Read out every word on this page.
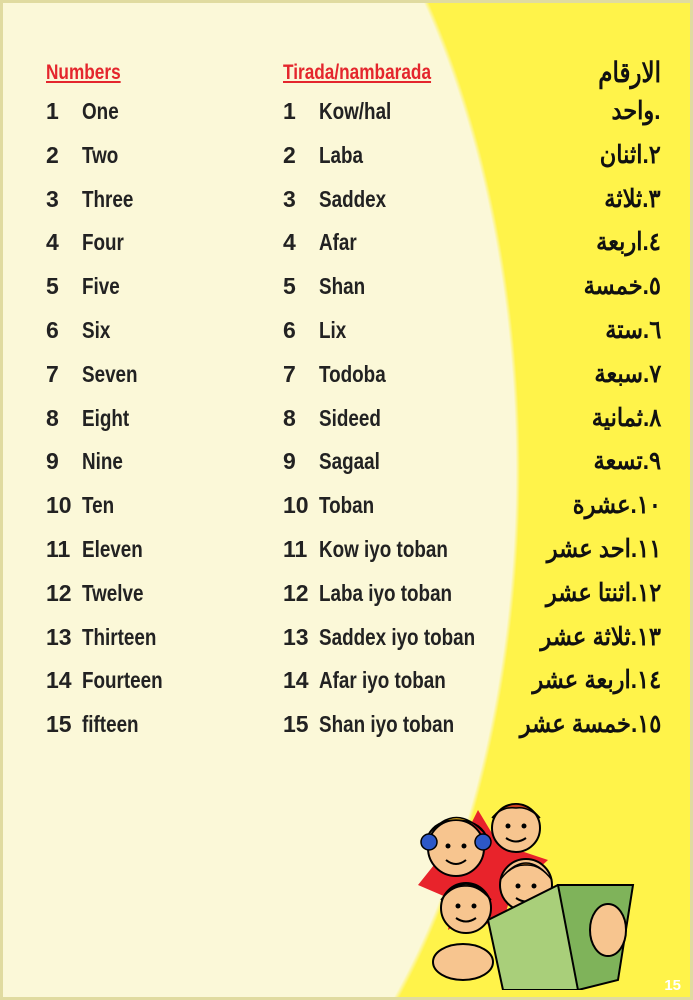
Numbers
1 One
2 Two
3 Three
4 Four
5 Five
6 Six
7 Seven
8 Eight
9 Nine
10 Ten
11 Eleven
12 Twelve
13 Thirteen
14 Fourteen
15 fifteen
Tirada/nambarada
1 Kow/hal
2 Laba
3 Saddex
4 Afar
5 Shan
6 Lix
7 Todoba
8 Sideed
9 Sagaal
10 Toban
11 Kow iyo toban
12 Laba iyo toban
13 Saddex iyo toban
14 Afar iyo toban
15 Shan iyo toban
الارقام
.واحد
٢.اثنان
٣.ثلاثة
٤.اربعة
٥.خمسة
٦.ستة
٧.سبعة
٨.ثمانية
٩.تسعة
١٠.عشرة
١١.احد عشر
١٢.اثنتا عشر
١٣.ثلاثة عشر
١٤.اربعة عشر
١٥.خمسة عشر
15
